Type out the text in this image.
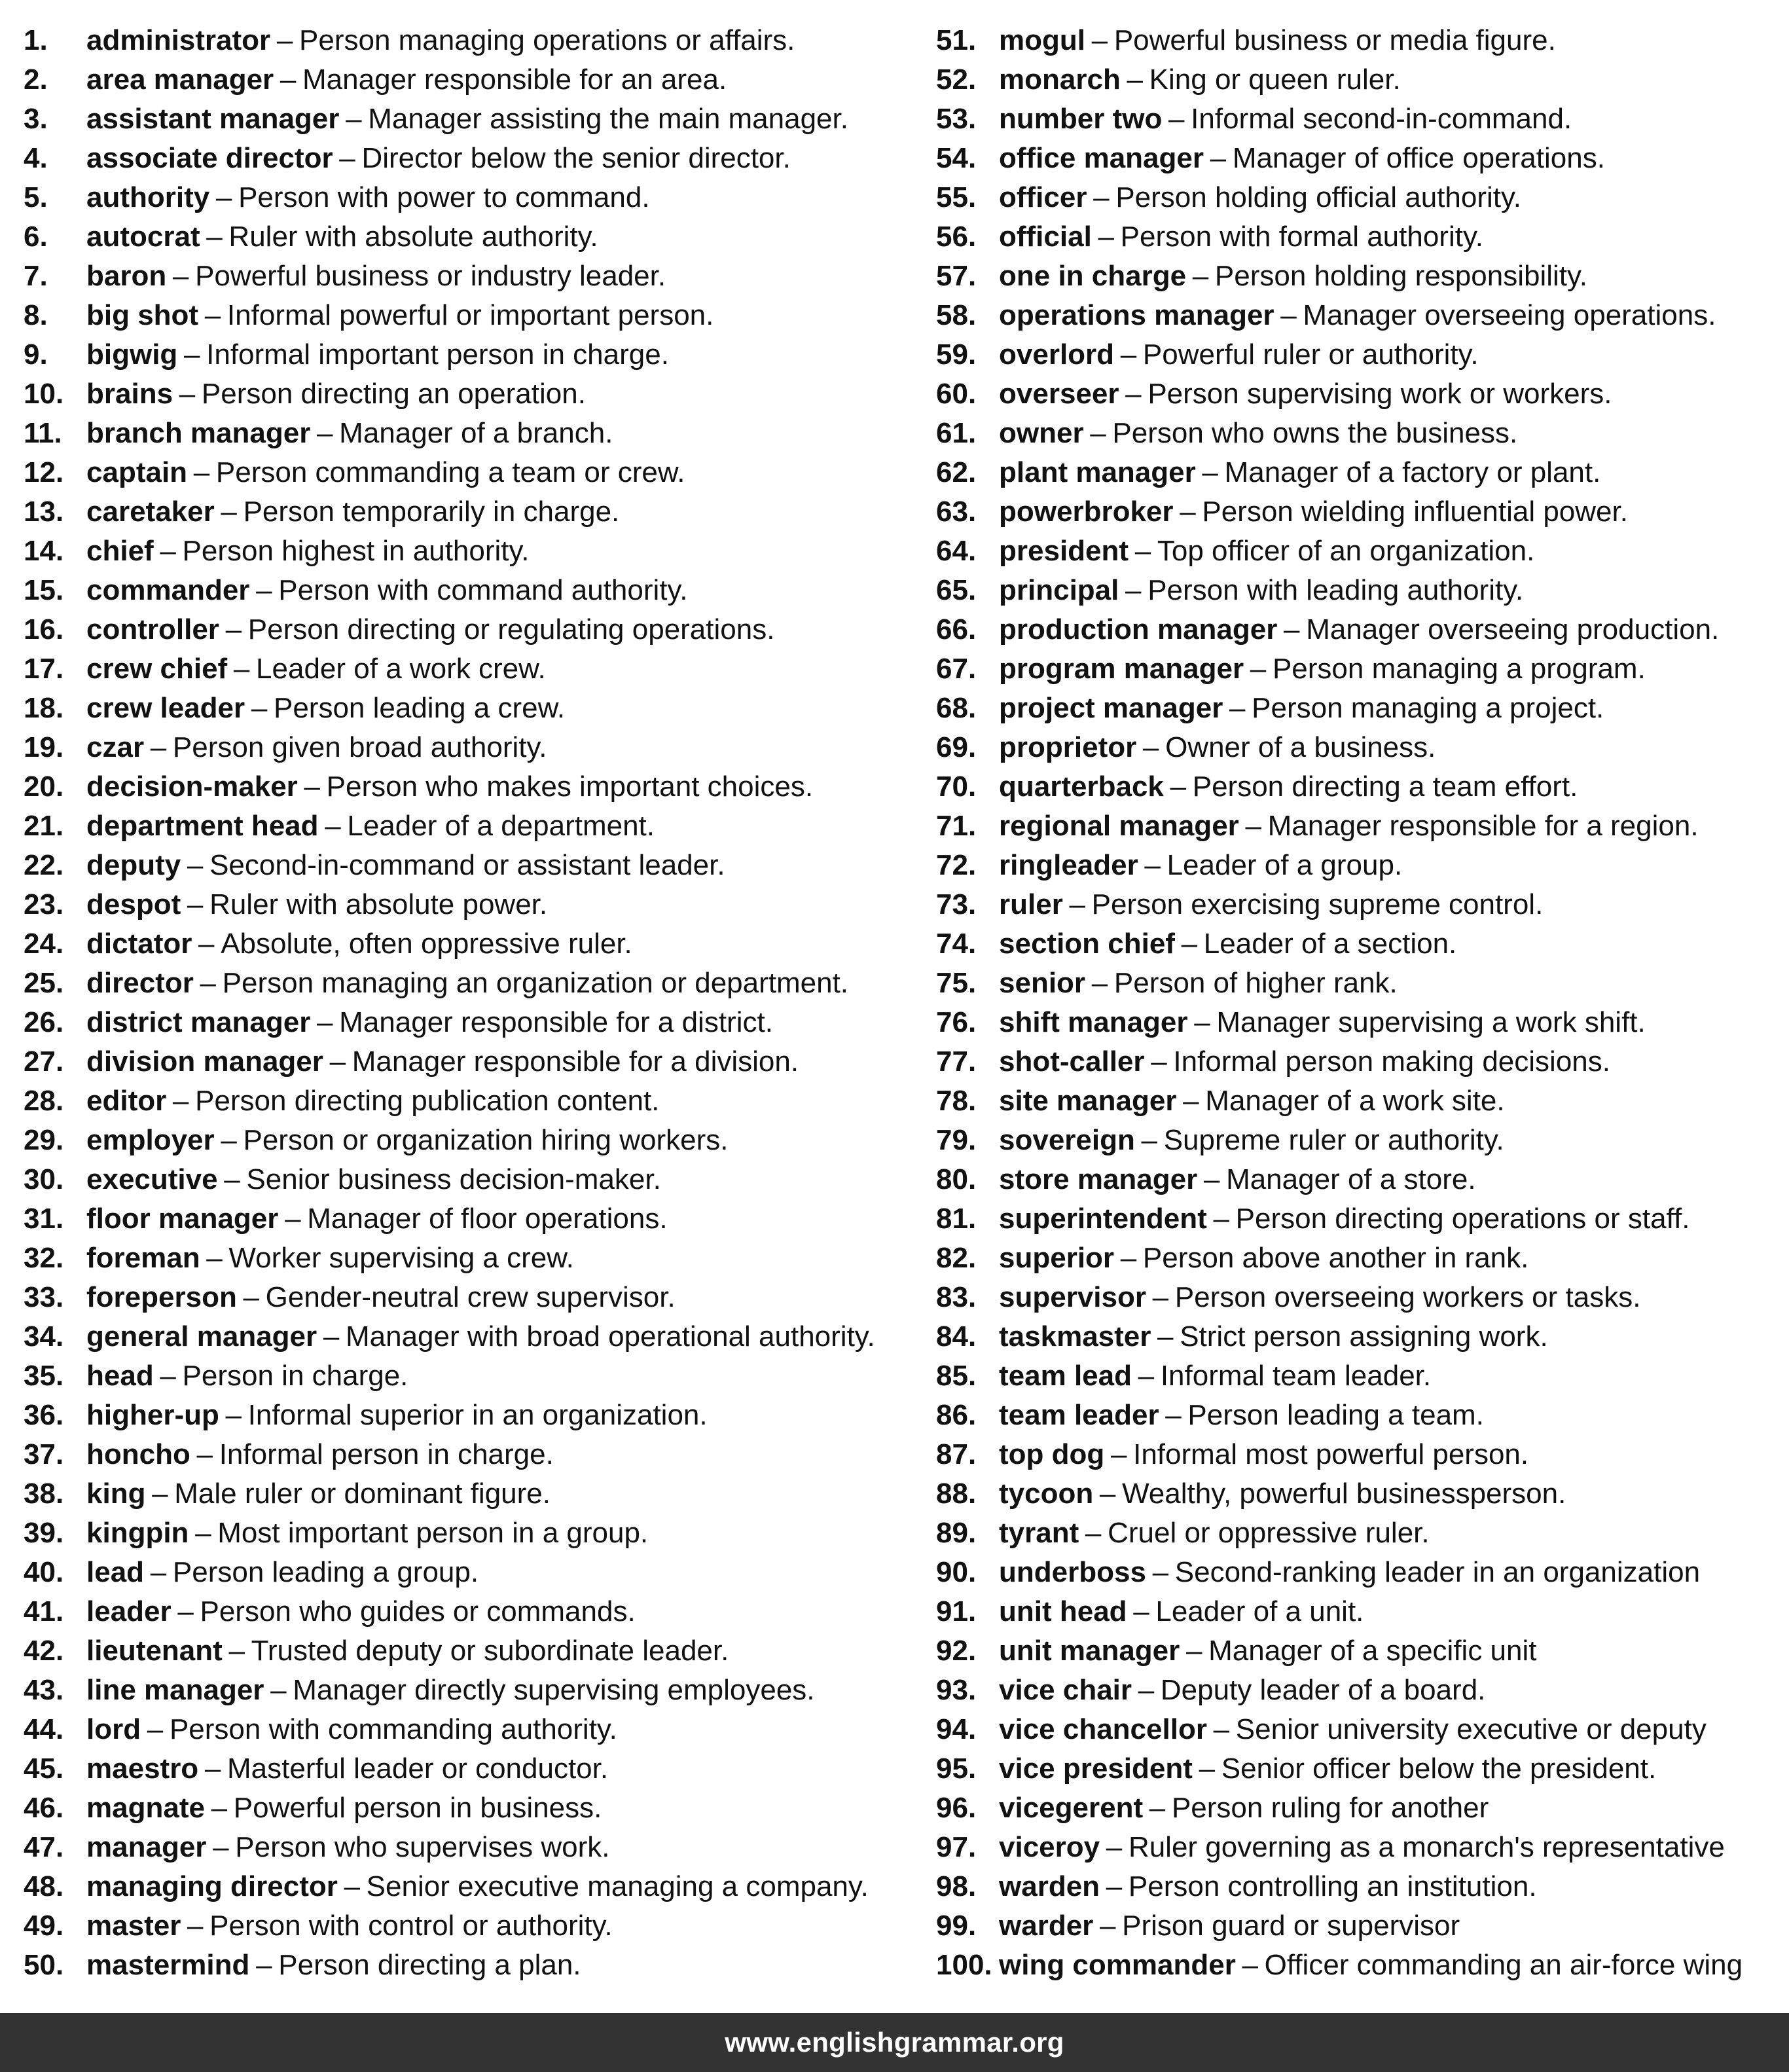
1.	administrator – Person managing operations or affairs.
2.	area manager – Manager responsible for an area.
3.	assistant manager – Manager assisting the main manager.
4.	associate director – Director below the senior director.
5.	authority – Person with power to command.
6.	autocrat – Ruler with absolute authority.
7.	baron – Powerful business or industry leader.
8.	big shot – Informal powerful or important person.
9.	bigwig – Informal important person in charge.
10. brains – Person directing an operation.
11. branch manager – Manager of a branch.
12. captain – Person commanding a team or crew.
13. caretaker – Person temporarily in charge.
14. chief – Person highest in authority.
15. commander – Person with command authority.
16. controller – Person directing or regulating operations.
17. crew chief – Leader of a work crew.
18. crew leader – Person leading a crew.
19. czar – Person given broad authority.
20. decision-maker – Person who makes important choices.
21. department head – Leader of a department.
22. deputy – Second-in-command or assistant leader.
23. despot – Ruler with absolute power.
24. dictator – Absolute, often oppressive ruler.
25. director – Person managing an organization or department.
26. district manager – Manager responsible for a district.
27. division manager – Manager responsible for a division.
28. editor – Person directing publication content.
29. employer – Person or organization hiring workers.
30. executive – Senior business decision-maker.
31. floor manager – Manager of floor operations.
32. foreman – Worker supervising a crew.
33. foreperson – Gender-neutral crew supervisor.
34. general manager – Manager with broad operational authority.
35. head – Person in charge.
36. higher-up – Informal superior in an organization.
37. honcho – Informal person in charge.
38. king – Male ruler or dominant figure.
39. kingpin – Most important person in a group.
40. lead – Person leading a group.
41. leader – Person who guides or commands.
42. lieutenant – Trusted deputy or subordinate leader.
43. line manager – Manager directly supervising employees.
44. lord – Person with commanding authority.
45. maestro – Masterful leader or conductor.
46. magnate – Powerful person in business.
47. manager – Person who supervises work.
48. managing director – Senior executive managing a company.
49. master – Person with control or authority.
50. mastermind – Person directing a plan.
51. mogul – Powerful business or media figure.
52. monarch – King or queen ruler.
53. number two – Informal second-in-command.
54. office manager – Manager of office operations.
55. officer – Person holding official authority.
56. official – Person with formal authority.
57. one in charge – Person holding responsibility.
58. operations manager – Manager overseeing operations.
59. overlord – Powerful ruler or authority.
60. overseer – Person supervising work or workers.
61. owner – Person who owns the business.
62. plant manager – Manager of a factory or plant.
63. powerbroker – Person wielding influential power.
64. president – Top officer of an organization.
65. principal – Person with leading authority.
66. production manager – Manager overseeing production.
67. program manager – Person managing a program.
68. project manager – Person managing a project.
69. proprietor – Owner of a business.
70. quarterback – Person directing a team effort.
71. regional manager – Manager responsible for a region.
72. ringleader – Leader of a group.
73. ruler – Person exercising supreme control.
74. section chief – Leader of a section.
75. senior – Person of higher rank.
76. shift manager – Manager supervising a work shift.
77. shot-caller – Informal person making decisions.
78. site manager – Manager of a work site.
79. sovereign – Supreme ruler or authority.
80. store manager – Manager of a store.
81. superintendent – Person directing operations or staff.
82. superior – Person above another in rank.
83. supervisor – Person overseeing workers or tasks.
84. taskmaster – Strict person assigning work.
85. team lead – Informal team leader.
86. team leader – Person leading a team.
87. top dog – Informal most powerful person.
88. tycoon – Wealthy, powerful businessperson.
89. tyrant – Cruel or oppressive ruler.
90. underboss – Second-ranking leader in an organization
91. unit head – Leader of a unit.
92. unit manager – Manager of a specific unit
93. vice chair – Deputy leader of a board.
94. vice chancellor – Senior university executive or deputy
95. vice president – Senior officer below the president.
96. vicegerent – Person ruling for another
97. viceroy – Ruler governing as a monarch's representative
98. warden – Person controlling an institution.
99. warder – Prison guard or supervisor
100. wing commander – Officer commanding an air-force wing
www.englishgrammar.org
